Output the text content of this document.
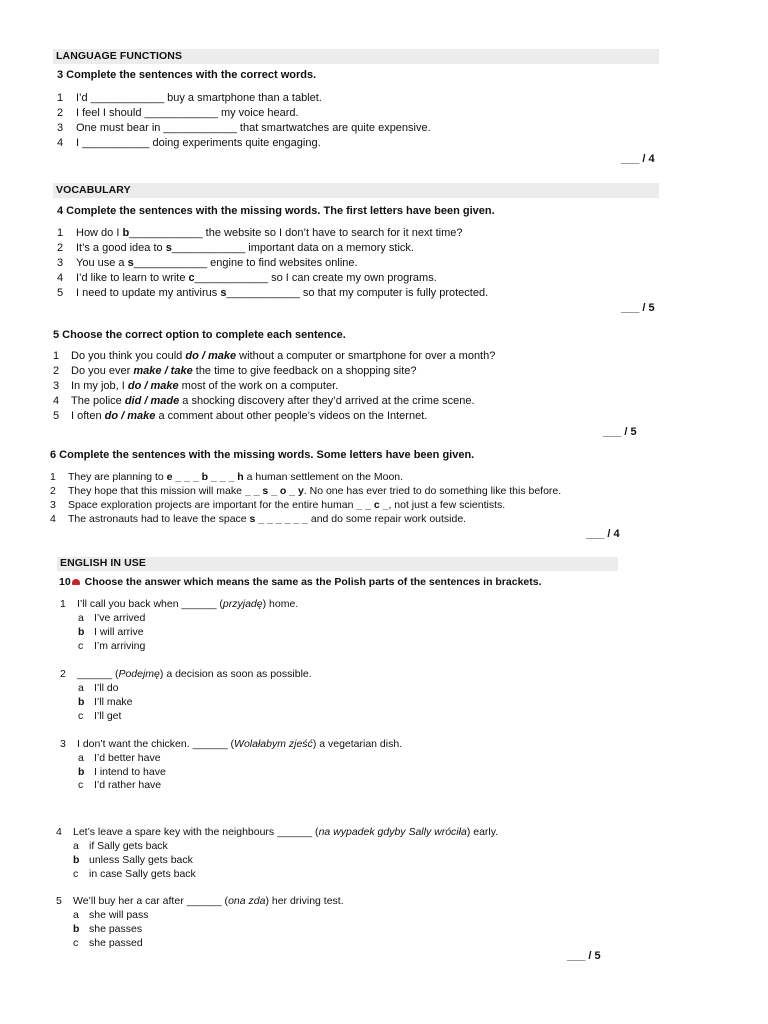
LANGUAGE FUNCTIONS
3 Complete the sentences with the correct words.
1 I’d ____________ buy a smartphone than a tablet.
2 I feel I should ____________ my voice heard.
3 One must bear in ____________ that smartwatches are quite expensive.
4 I ___________ doing experiments quite engaging.
___ / 4
VOCABULARY
4 Complete the sentences with the missing words. The first letters have been given.
1 How do I b____________ the website so I don’t have to search for it next time?
2 It’s a good idea to s____________ important data on a memory stick.
3 You use a s____________ engine to find websites online.
4 I’d like to learn to write c____________ so I can create my own programs.
5 I need to update my antivirus s____________ so that my computer is fully protected.
___ / 5
5 Choose the correct option to complete each sentence.
1 Do you think you could do / make without a computer or smartphone for over a month?
2 Do you ever make / take the time to give feedback on a shopping site?
3 In my job, I do / make most of the work on a computer.
4 The police did / made a shocking discovery after they’d arrived at the crime scene.
5 I often do / make a comment about other people’s videos on the Internet.
___ / 5
6 Complete the sentences with the missing words. Some letters have been given.
1 They are planning to e _ _ _ b _ _ _ h a human settlement on the Moon.
2 They hope that this mission will make _ _ s _ o _ y. No one has ever tried to do something like this before.
3 Space exploration projects are important for the entire human _ _ c _, not just a few scientists.
4 The astronauts had to leave the space s _ _ _ _ _ _ and do some repair work outside.
___ / 4
ENGLISH IN USE
10 Choose the answer which means the same as the Polish parts of the sentences in brackets.
1 I’ll call you back when ______ (przyjadę) home.
a I’ve arrived
b I will arrive
c I’m arriving
2 ______ (Podejmę) a decision as soon as possible.
a I’ll do
b I’ll make
c I’ll get
3 I don’t want the chicken. ______ (Wolałabym zjeść) a vegetarian dish.
a I’d better have
b I intend to have
c I’d rather have
4 Let’s leave a spare key with the neighbours ______ (na wypadek gdyby Sally wróciła) early.
a if Sally gets back
b unless Sally gets back
c in case Sally gets back
5 We’ll buy her a car after ______ (ona zda) her driving test.
a she will pass
b she passes
c she passed
___ / 5
